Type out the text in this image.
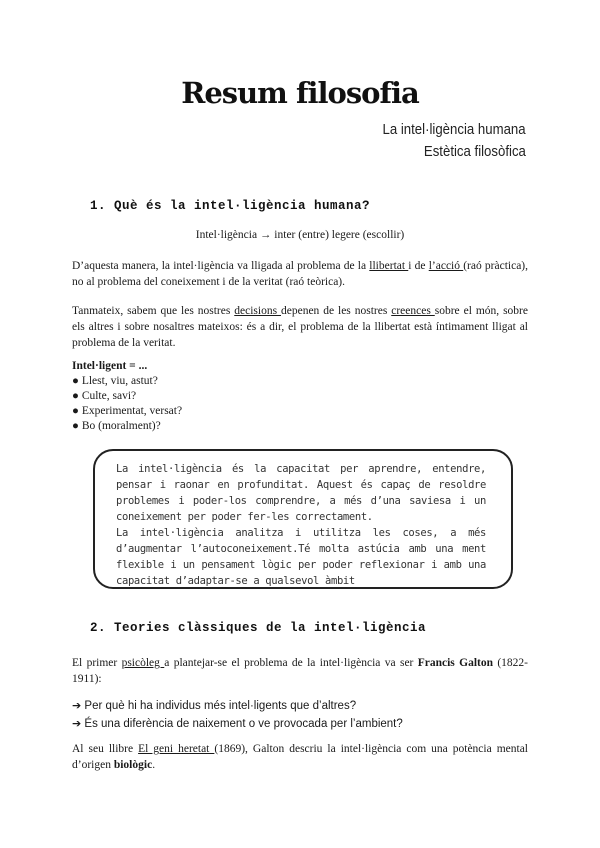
Resum filosofia
La intel·ligència humana
Estètica filosòfica
1. Què és la intel·ligència humana?
Intel·ligència → inter (entre) legere (escollir)
D’aquesta manera, la intel·ligència va lligada al problema de la llibertat i de l’acció (raó pràctica), no al problema del coneixement i de la veritat (raó teòrica).
Tanmateix, sabem que les nostres decisions depenen de les nostres creences sobre el món, sobre els altres i sobre nosaltres mateixos: és a dir, el problema de la llibertat està íntimament lligat al problema de la veritat.
Intel·ligent = ...
● Llest, viu, astut?
● Culte, savi?
● Experimentat, versat?
● Bo (moralment)?

La intel·ligència és la capacitat per aprendre, entendre, pensar i raonar en profunditat. Aquest és capaç de resoldre problemes i poder-los comprendre, a més d’una saviesa i un coneixement per poder fer-les correctament.

La intel·ligència analitza i utilitza les coses, a més d’augmentar l’autoconeixement.Té molta astúcia amb una ment flexible i un pensament lògic per poder reflexionar i amb una capacitat d’adaptar-se a qualsevol àmbit

2. Teories clàssiques de la intel·ligència
El primer psicòleg a plantejar-se el problema de la intel·ligència va ser Francis Galton (1822-1911):
➔ Per què hi ha individus més intel·ligents que d’altres?
➔ És una diferència de naixement o ve provocada per l’ambient?
Al seu llibre El geni heretat (1869), Galton descriu la intel·ligència com una potència mental d’origen biològic.
